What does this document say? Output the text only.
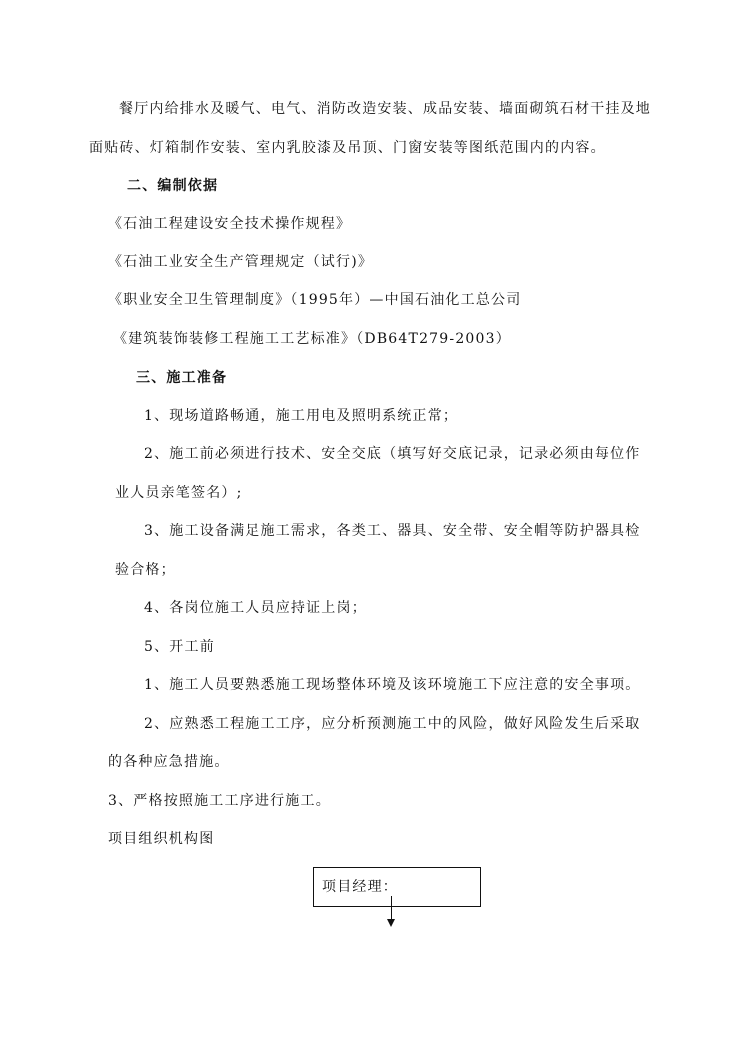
餐厅内给排水及暖气、电气、消防改造安装、成品安装、墙面砌筑石材干挂及地
面贴砖、灯箱制作安装、室内乳胶漆及吊顶、门窗安装等图纸范围内的内容。
二、编制依据
《石油工程建设安全技术操作规程》
《石油工业安全生产管理规定（试行)》
《职业安全卫生管理制度》（1995年）—中国石油化工总公司
《建筑装饰装修工程施工工艺标准》（DB64T279-2003）
三、施工准备
1、现场道路畅通，施工用电及照明系统正常；
2、施工前必须进行技术、安全交底（填写好交底记录，记录必须由每位作
业人员亲笔签名）;
3、施工设备满足施工需求，各类工、器具、安全带、安全帽等防护器具检
验合格；
4、各岗位施工人员应持证上岗；
5、开工前
1、施工人员要熟悉施工现场整体环境及该环境施工下应注意的安全事项。
2、应熟悉工程施工工序，应分析预测施工中的风险，做好风险发生后采取
的各种应急措施。
3、严格按照施工工序进行施工。
项目组织机构图
项目经理：
